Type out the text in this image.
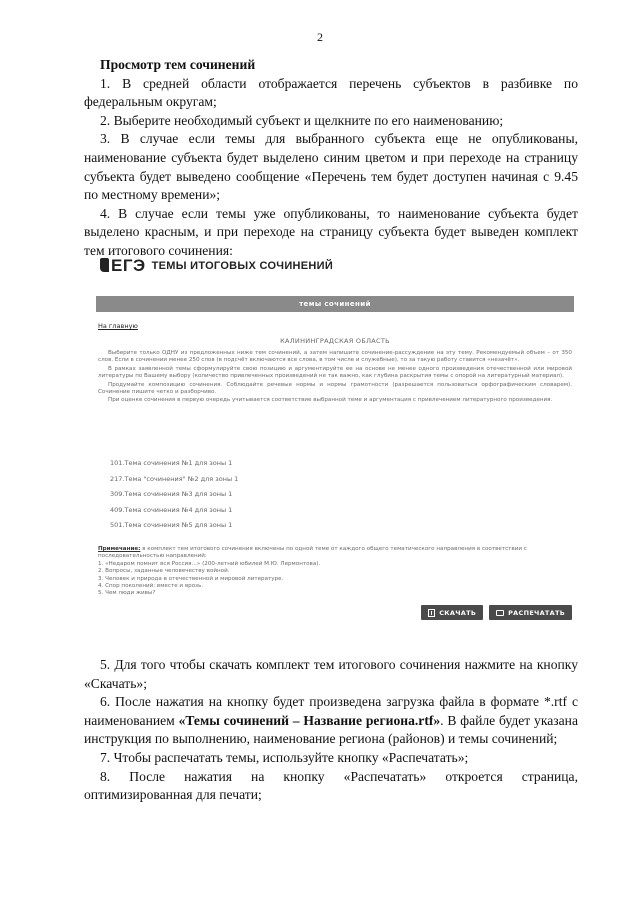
2

Просмотр тем сочинений

1. В средней области отображается перечень субъектов в разбивке по федеральным округам;

2. Выберите необходимый субъект и щелкните по его наименованию;

3. В случае если темы для выбранного субъекта еще не опубликованы, наименование субъекта будет выделено синим цветом и при переходе на страницу субъекта будет выведено сообщение «Перечень тем будет доступен начиная с 9.45 по местному времени»;

4. В случае если темы уже опубликованы, то наименование субъекта будет выделено красным, и при переходе на страницу субъекта будет выведен комплект тем итогового сочинения:

ЕГЭ ТЕМЫ ИТОГОВЫХ СОЧИНЕНИЙ
темы сочинений
На главную
КАЛИНИНГРАДСКАЯ ОБЛАСТЬ

Выберите только ОДНУ из предложенных ниже тем сочинений, а затем напишите сочинение-рассуждение на эту тему. Рекомендуемый объем – от 350 слов. Если в сочинении менее 250 слов (в подсчёт включаются все слова, в том числе и служебные), то за такую работу ставится «незачёт».

В рамках заявленной темы сформулируйте свою позицию и аргументируйте ее на основе не менее одного произведения отечественной или мировой литературы по Вашему выбору (количество привлеченных произведений не так важно, как глубина раскрытия темы с опорой на литературный материал).

Продумайте композицию сочинения. Соблюдайте речевые нормы и нормы грамотности (разрешается пользоваться орфографическим словарем). Сочинение пишите четко и разборчиво.

При оценке сочинения в первую очередь учитывается соответствие выбранной теме и аргументация с привлечением литературного произведения.

101.Тема сочинения №1 для зоны 1
217.Тема "сочинения" №2 для зоны 1
309.Тема сочинения №3 для зоны 1
409.Тема сочинения №4 для зоны 1
501.Тема сочинения №5 для зоны 1
Примечание: в комплект тем итогового сочинения включены по одной теме от каждого общего тематического направления в соответствии с последовательностью направлений:
1. «Недаром помнит вся Россия...» (200-летний юбилей М.Ю. Лермонтова).
2. Вопросы, заданные человечеству войной.
3. Человек и природа в отечественной и мировой литературе.
4. Спор поколений: вместе и врозь.
5. Чем люди живы?
СКАЧАТЬ	РАСПЕЧАТАТЬ

5. Для того чтобы скачать комплект тем итогового сочинения нажмите на кнопку «Скачать»;

6. После нажатия на кнопку будет произведена загрузка файла в формате *.rtf с наименованием «Темы сочинений – Название региона.rtf». В файле будет указана инструкция по выполнению, наименование региона (районов) и темы сочинений;

7. Чтобы распечатать темы, используйте кнопку «Распечатать»;

8. После нажатия на кнопку «Распечатать» откроется страница, оптимизированная для печати;
